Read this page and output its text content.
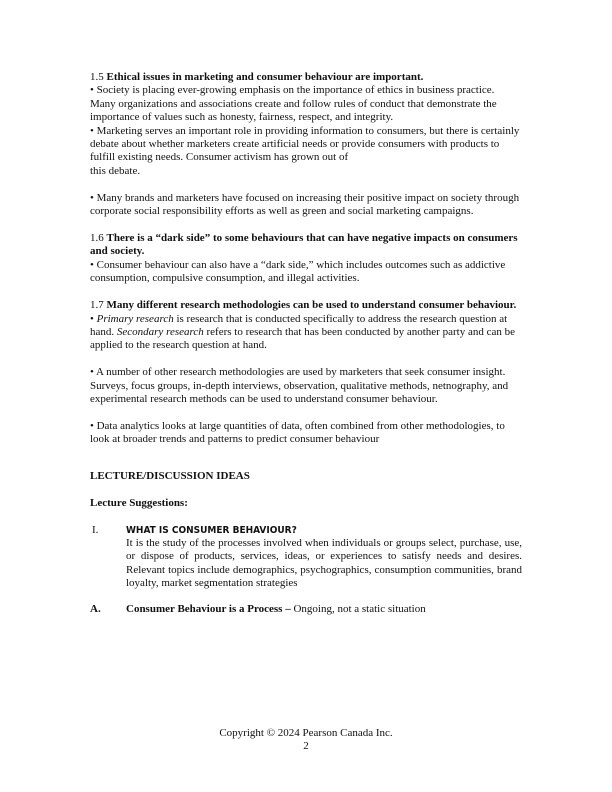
1.5 Ethical issues in marketing and consumer behaviour are important.

• Society is placing ever-growing emphasis on the importance of ethics in business practice. Many organizations and associations create and follow rules of conduct that demonstrate the importance of values such as honesty, fairness, respect, and integrity.

• Marketing serves an important role in providing information to consumers, but there is certainly debate about whether marketers create artificial needs or provide consumers with products to fulfill existing needs. Consumer activism has grown out of

this debate.

• Many brands and marketers have focused on increasing their positive impact on society through corporate social responsibility efforts as well as green and social marketing campaigns.

1.6 There is a “dark side” to some behaviours that can have negative impacts on consumers and society.

• Consumer behaviour can also have a “dark side,” which includes outcomes such as addictive consumption, compulsive consumption, and illegal activities.

1.7 Many different research methodologies can be used to understand consumer behaviour.

• Primary research is research that is conducted specifically to address the research question at hand. Secondary research refers to research that has been conducted by another party and can be applied to the research question at hand.

• A number of other research methodologies are used by marketers that seek consumer insight. Surveys, focus groups, in-depth interviews, observation, qualitative methods, netnography, and experimental research methods can be used to understand consumer behaviour.

• Data analytics looks at large quantities of data, often combined from other methodologies, to look at broader trends and patterns to predict consumer behaviour

LECTURE/DISCUSSION IDEAS

Lecture Suggestions:

I.	WHAT IS CONSUMER BEHAVIOUR?

It is the study of the processes involved when individuals or groups select, purchase, use, or dispose of products, services, ideas, or experiences to satisfy needs and desires. Relevant topics include demographics, psychographics, consumption communities, brand loyalty, market segmentation strategies

A.	Consumer Behaviour is a Process – Ongoing, not a static situation

Copyright © 2024 Pearson Canada Inc.

2
